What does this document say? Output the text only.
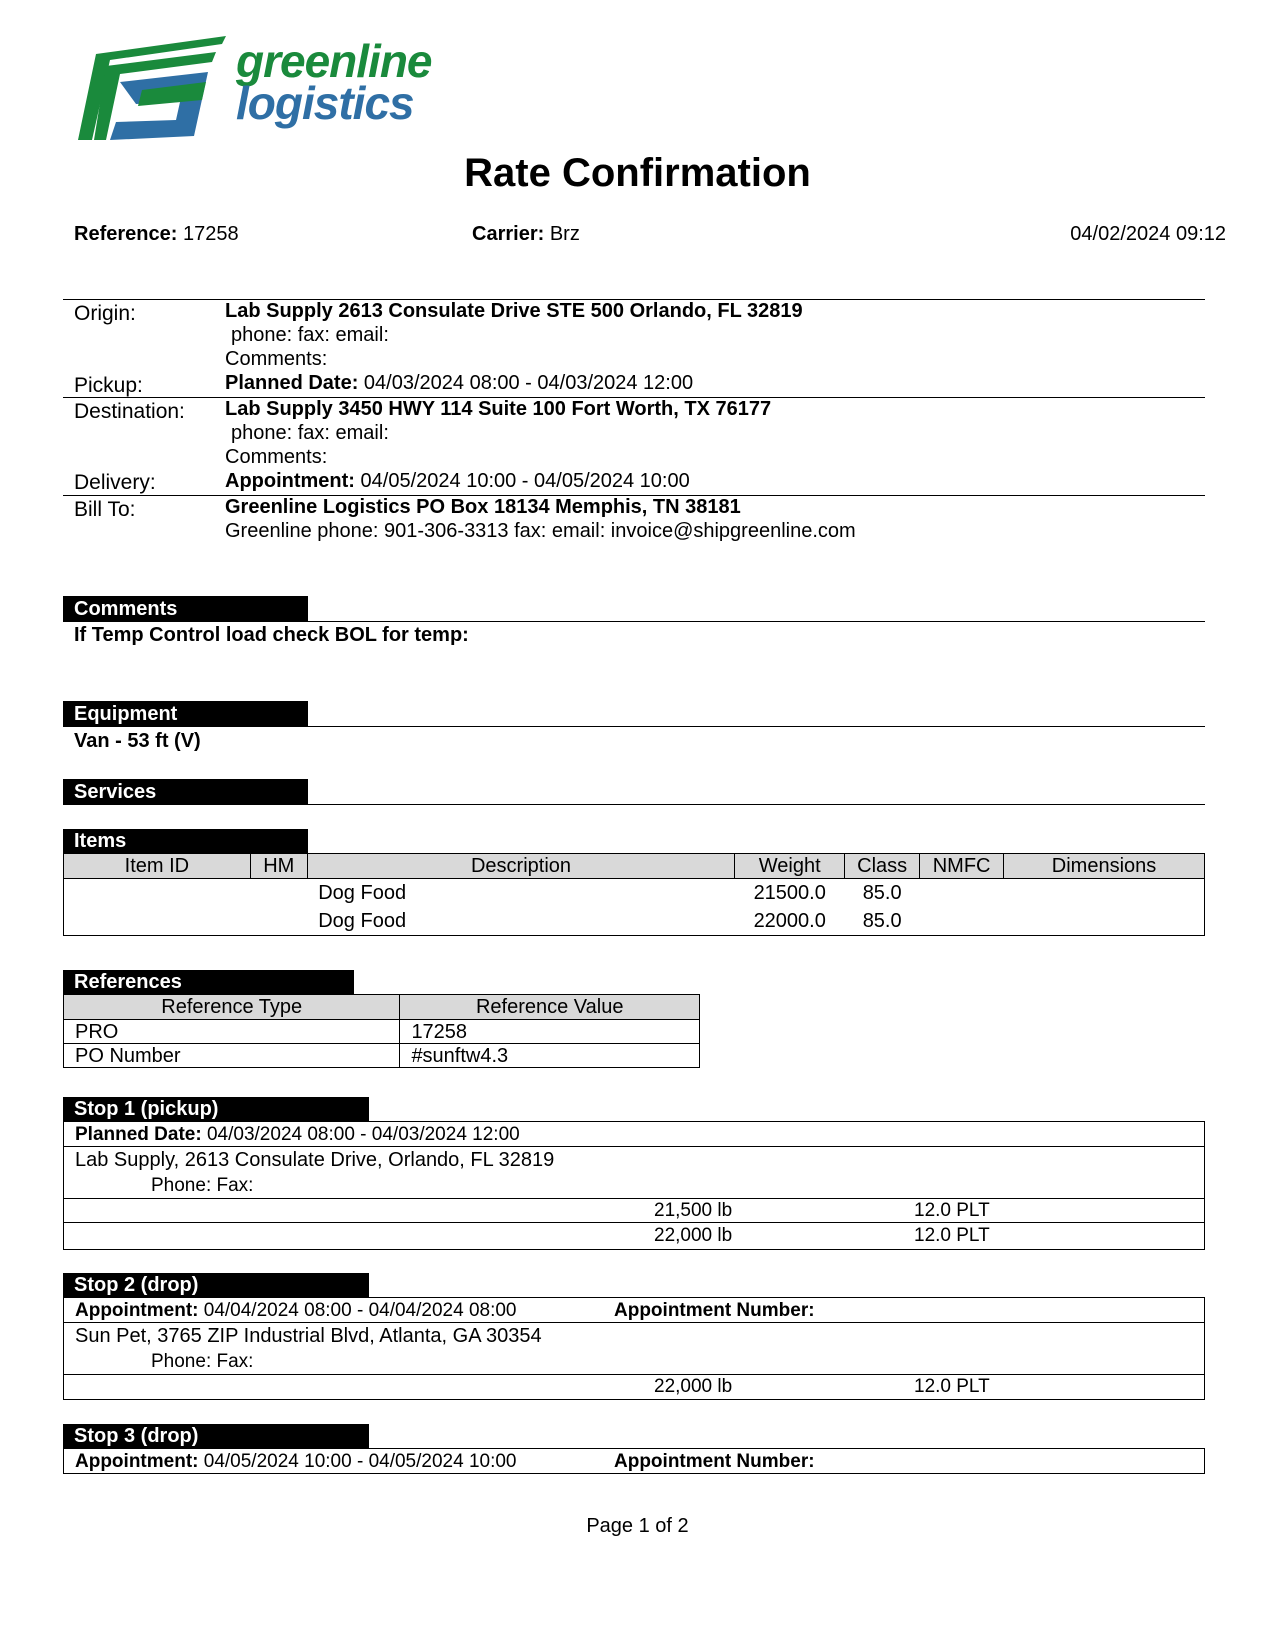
greenline
logistics
Rate Confirmation
Reference: 17258	Carrier: Brz	04/02/2024 09:12
Origin:	Lab Supply 2613 Consulate Drive STE 500 Orlando, FL 32819
phone: fax: email:
Comments:
Pickup:	Planned Date: 04/03/2024 08:00 - 04/03/2024 12:00
Destination: Lab Supply 3450 HWY 114 Suite 100 Fort Worth, TX 76177
phone: fax: email:
Comments:
Delivery:	Appointment: 04/05/2024 10:00 - 04/05/2024 10:00
Bill To:	Greenline Logistics PO Box 18134 Memphis, TN 38181
Greenline phone: 901-306-3313 fax: email: invoice@shipgreenline.com
Comments
If Temp Control load check BOL for temp:
Equipment
Van - 53 ft (V)
Services
Items
Item ID	HM	Description	Weight	Class	NMFC	Dimensions
		Dog Food	21500.0	85.0		
		Dog Food	22000.0	85.0		
References
Reference Type	Reference Value
PRO	17258
PO Number	#sunftw4.3
Stop 1 (pickup)
Planned Date: 04/03/2024 08:00 - 04/03/2024 12:00
Lab Supply, 2613 Consulate Drive, Orlando, FL 32819
Phone: Fax:
21,500 lb	12.0 PLT
22,000 lb	12.0 PLT
Stop 2 (drop)
Appointment: 04/04/2024 08:00 - 04/04/2024 08:00	Appointment Number:
Sun Pet, 3765 ZIP Industrial Blvd, Atlanta, GA 30354
Phone: Fax:
22,000 lb	12.0 PLT
Stop 3 (drop)
Appointment: 04/05/2024 10:00 - 04/05/2024 10:00	Appointment Number:
Page 1 of 2
